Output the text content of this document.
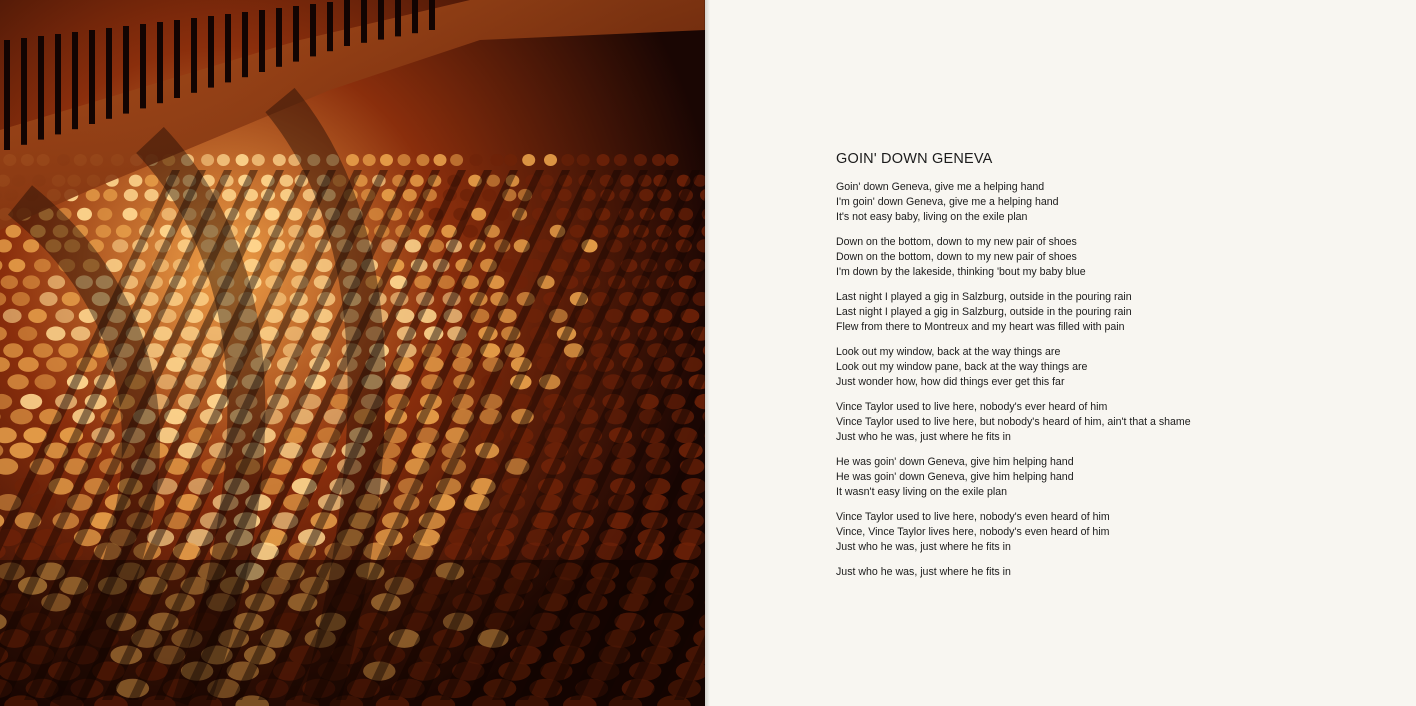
GOIN' DOWN GENEVA
Goin' down Geneva, give me a helping hand
I'm goin' down Geneva, give me a helping hand
It's not easy baby, living on the exile plan
Down on the bottom, down to my new pair of shoes
Down on the bottom, down to my new pair of shoes
I'm down by the lakeside, thinking 'bout my baby blue
Last night I played a gig in Salzburg, outside in the pouring rain
Last night I played a gig in Salzburg, outside in the pouring rain
Flew from there to Montreux and my heart was filled with pain
Look out my window, back at the way things are
Look out my window pane, back at the way things are
Just wonder how, how did things ever get this far
Vince Taylor used to live here, nobody's ever heard of him
Vince Taylor used to live here, but nobody's heard of him, ain't that a shame
Just who he was, just where he fits in
He was goin' down Geneva, give him helping hand
He was goin' down Geneva, give him helping hand
It wasn't easy living on the exile plan
Vince Taylor used to live here, nobody's even heard of him
Vince, Vince Taylor lives here, nobody's even heard of him
Just who he was, just where he fits in
Just who he was, just where he fits in
